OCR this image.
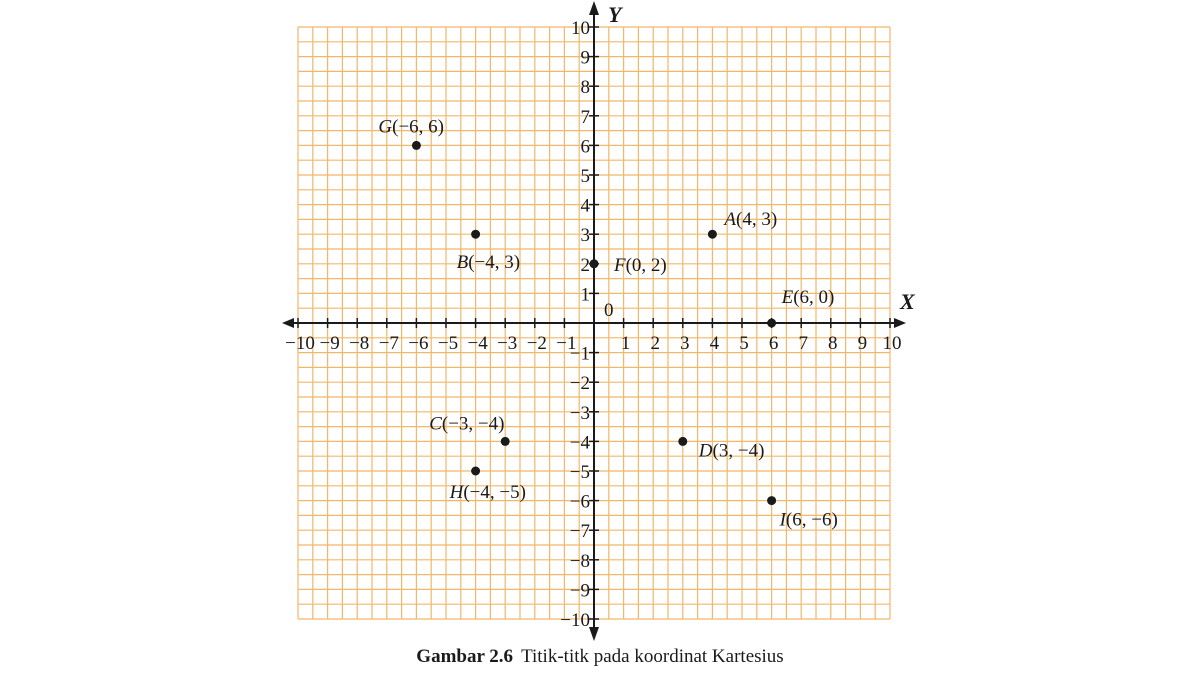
−10 −9 −8 −7 −6 −5 −4 −3 −2 −1 1 2 3 4 5 6 7 8 9 10
10
9
8
7
6
5
4
3
2
1
−1
−2
−3
−4
−5
−6
−7
−8
−9
−10
0	X
Y
A(4, 3)
B(−4, 3)
C(−3, −4)
D(3, −4)
E(6, 0)
F(0, 2)
G(−6, 6)
H(−4, −5)
I(6, −6)
Gambar 2.6 Titik-titk pada koordinat Kartesius
